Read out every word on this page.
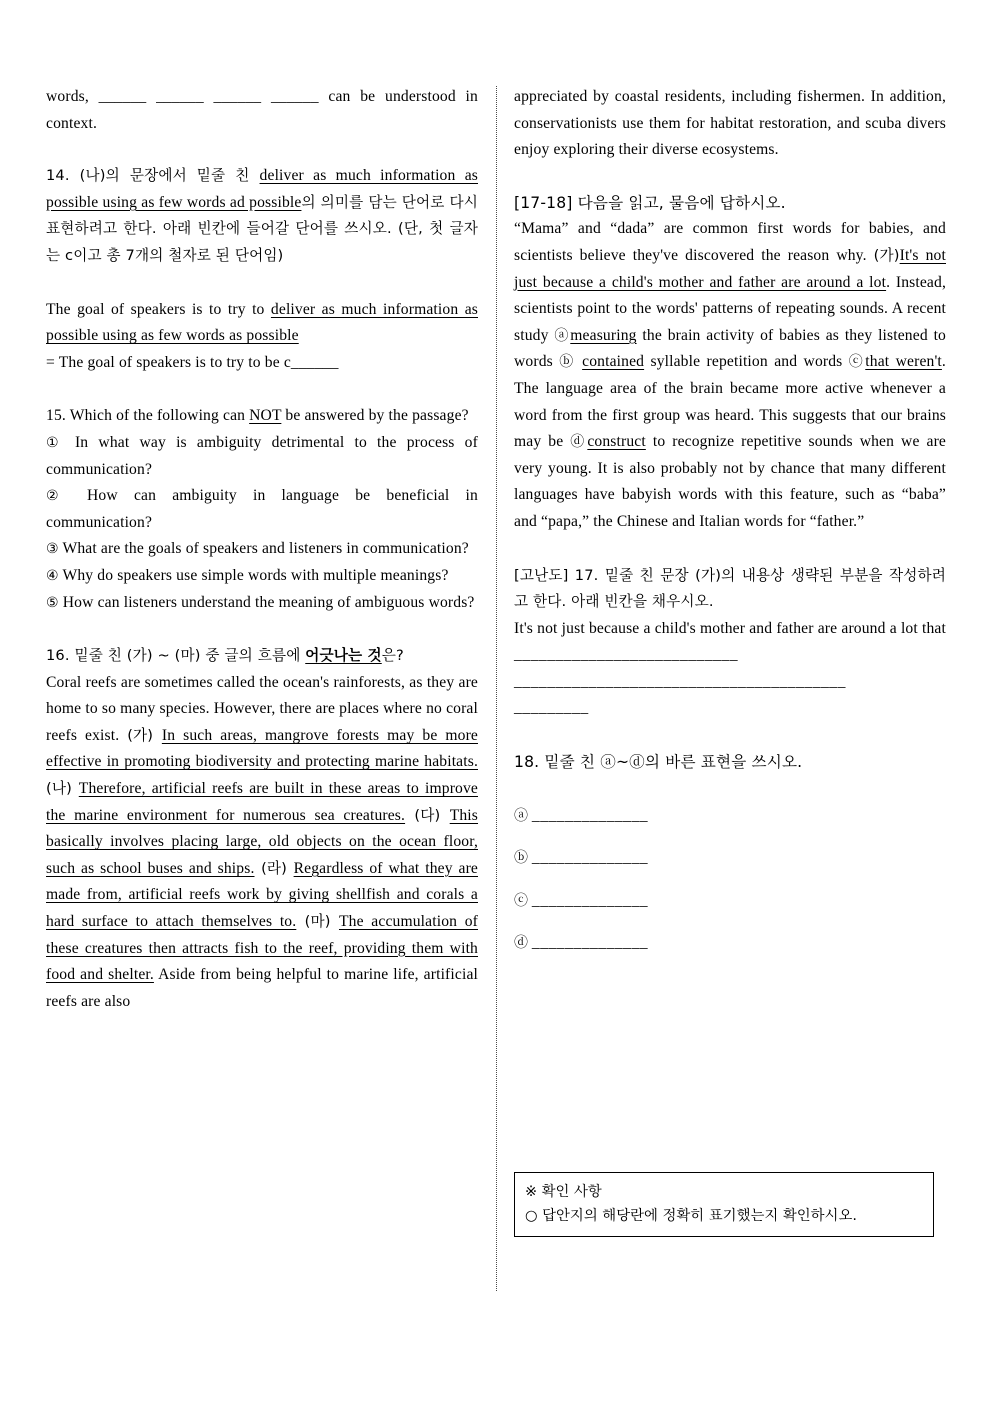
words, ______ ______ ______ ______ can be understood in context.

14. (나)의 문장에서 밑줄 친 deliver as much information as possible using as few words ad possible의 의미를 담는 단어로 다시 표현하려고 한다. 아래 빈칸에 들어갈 단어를 쓰시오. (단, 첫 글자는 c이고 총 7개의 철자로 된 단어임)

The goal of speakers is to try to deliver as much information as possible using as few words as possible

= The goal of speakers is to try to be c______

15. Which of the following can NOT be answered by the passage?

① In what way is ambiguity detrimental to the process of communication?

② How can ambiguity in language be beneficial in communication?

③ What are the goals of speakers and listeners in communication?

④ Why do speakers use simple words with multiple meanings?

⑤ How can listeners understand the meaning of ambiguous words?

16. 밑줄 친 (가) ~ (마) 중 글의 흐름에 어긋나는 것은?

Coral reefs are sometimes called the ocean's rainforests, as they are home to so many species. However, there are places where no coral reefs exist. (가) In such areas, mangrove forests may be more effective in promoting biodiversity and protecting marine habitats. (나) Therefore, artificial reefs are built in these areas to improve the marine environment for numerous sea creatures. (다) This basically involves placing large, old objects on the ocean floor, such as school buses and ships. (라) Regardless of what they are made from, artificial reefs work by giving shellfish and corals a hard surface to attach themselves to. (마) The accumulation of these creatures then attracts fish to the reef, providing them with food and shelter. Aside from being helpful to marine life, artificial reefs are also

appreciated by coastal residents, including fishermen. In addition, conservationists use them for habitat restoration, and scuba divers enjoy exploring their diverse ecosystems.

[17-18] 다음을 읽고, 물음에 답하시오.

“Mama” and “dada” are common first words for babies, and scientists believe they've discovered the reason why. (가)It's not just because a child's mother and father are around a lot. Instead, scientists point to the words' patterns of repeating sounds. A recent study ⓐmeasuring the brain activity of babies as they listened to words ⓑ contained syllable repetition and words ⓒthat weren't. The language area of the brain became more active whenever a word from the first group was heard. This suggests that our brains may be ⓓconstruct to recognize repetitive sounds when we are very young. It is also probably not by chance that many different languages have babyish words with this feature, such as “baba” and “papa,” the Chinese and Italian words for “father.”

[고난도] 17. 밑줄 친 문장 (가)의 내용상 생략된 부분을 작성하려고 한다. 아래 빈칸을 채우시오.

It's not just because a child's mother and father are around a lot that ___________________________

________________________________________

_________

18. 밑줄 친 ⓐ~ⓓ의 바른 표현을 쓰시오.

ⓐ ______________

ⓑ ______________

ⓒ ______________

ⓓ ______________

※ 확인 사항
○ 답안지의 해당란에 정확히 표기했는지 확인하시오.
